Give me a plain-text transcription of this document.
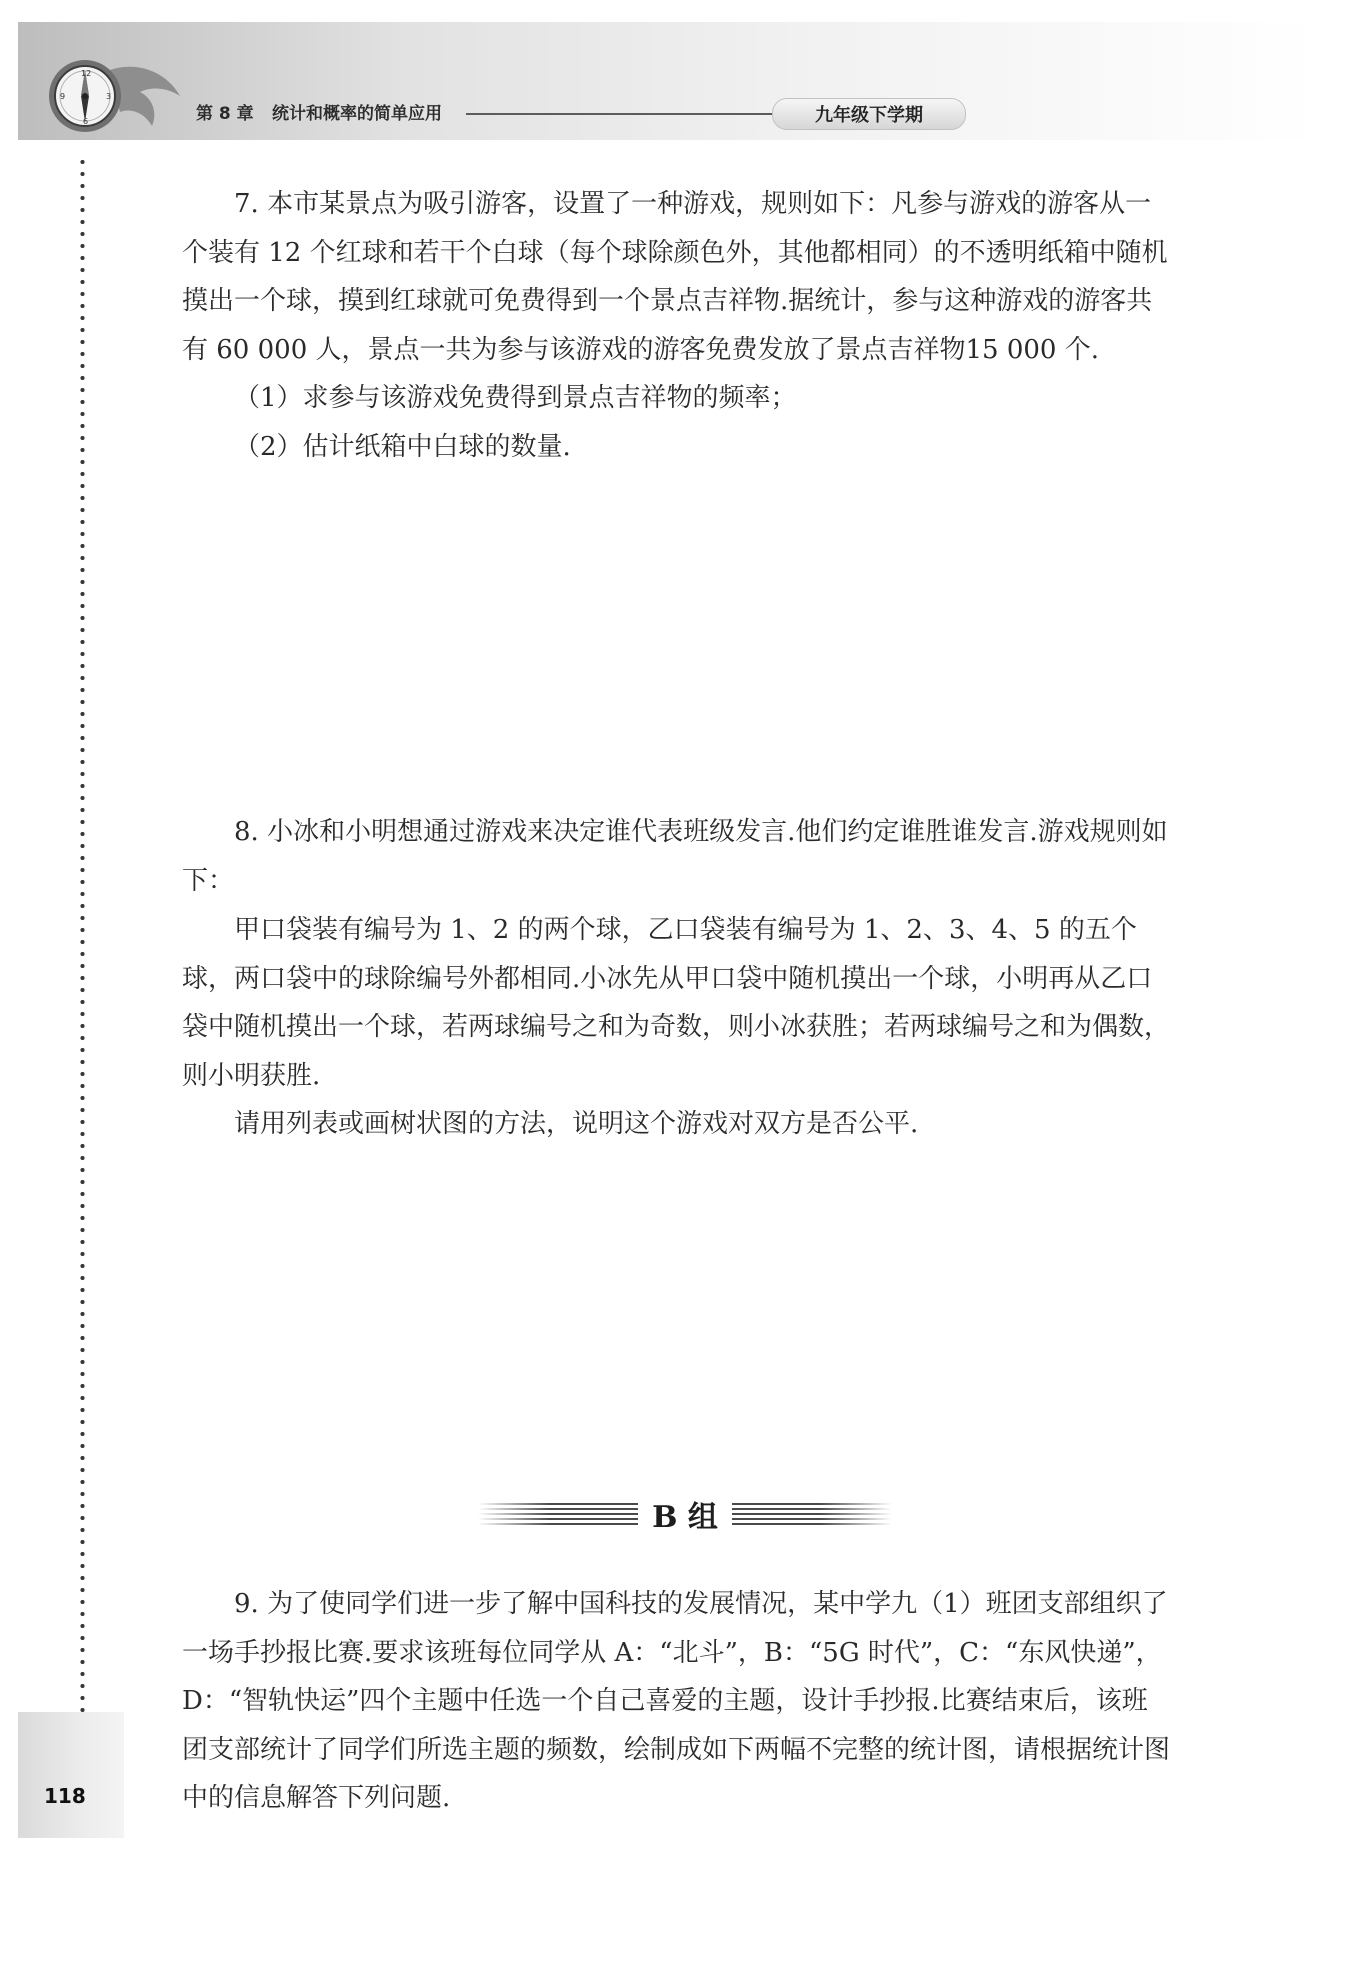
12
3
6
9
第 8 章 统计和概率的简单应用	九年级下学期
118

7. 本市某景点为吸引游客，设置了一种游戏，规则如下：凡参与游戏的游客从一个装有 12 个红球和若干个白球（每个球除颜色外，其他都相同）的不透明纸箱中随机摸出一个球，摸到红球就可免费得到一个景点吉祥物.据统计，参与这种游戏的游客共有 60 000 人，景点一共为参与该游戏的游客免费发放了景点吉祥物15 000 个.

（1）求参与该游戏免费得到景点吉祥物的频率；

（2）估计纸箱中白球的数量.

8. 小冰和小明想通过游戏来决定谁代表班级发言.他们约定谁胜谁发言.游戏规则如下：

甲口袋装有编号为 1、2 的两个球，乙口袋装有编号为 1、2、3、4、5 的五个球，两口袋中的球除编号外都相同.小冰先从甲口袋中随机摸出一个球，小明再从乙口袋中随机摸出一个球，若两球编号之和为奇数，则小冰获胜；若两球编号之和为偶数，则小明获胜.

请用列表或画树状图的方法，说明这个游戏对双方是否公平.

B 组

9. 为了使同学们进一步了解中国科技的发展情况，某中学九（1）班团支部组织了一场手抄报比赛.要求该班每位同学从 A：“北斗”，B：“5G 时代”，C：“东风快递”，D：“智轨快运”四个主题中任选一个自己喜爱的主题，设计手抄报.比赛结束后，该班团支部统计了同学们所选主题的频数，绘制成如下两幅不完整的统计图，请根据统计图中的信息解答下列问题.
